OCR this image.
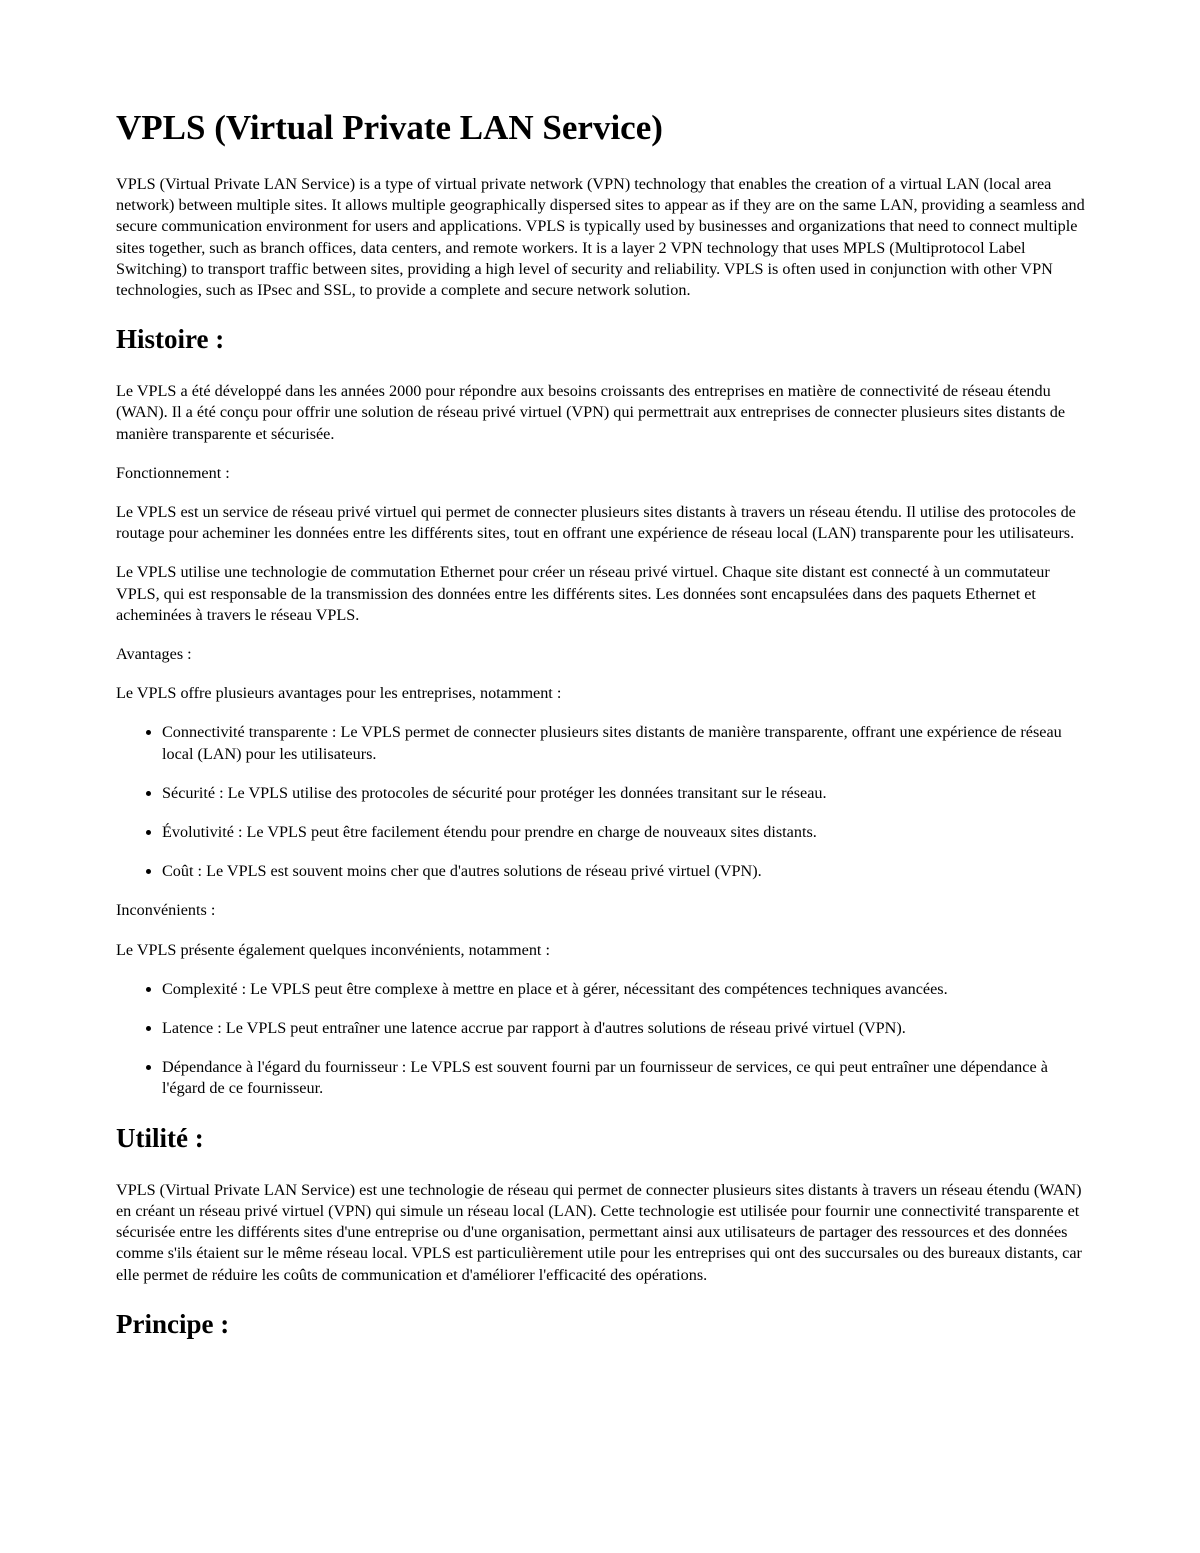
VPLS (Virtual Private LAN Service)

VPLS (Virtual Private LAN Service) is a type of virtual private network (VPN) technology that enables the creation of a virtual LAN (local area network) between multiple sites. It allows multiple geographically dispersed sites to appear as if they are on the same LAN, providing a seamless and secure communication environment for users and applications. VPLS is typically used by businesses and organizations that need to connect multiple sites together, such as branch offices, data centers, and remote workers. It is a layer 2 VPN technology that uses MPLS (Multiprotocol Label Switching) to transport traffic between sites, providing a high level of security and reliability. VPLS is often used in conjunction with other VPN technologies, such as IPsec and SSL, to provide a complete and secure network solution.

Histoire :

Le VPLS a été développé dans les années 2000 pour répondre aux besoins croissants des entreprises en matière de connectivité de réseau étendu (WAN). Il a été conçu pour offrir une solution de réseau privé virtuel (VPN) qui permettrait aux entreprises de connecter plusieurs sites distants de manière transparente et sécurisée.

Fonctionnement :

Le VPLS est un service de réseau privé virtuel qui permet de connecter plusieurs sites distants à travers un réseau étendu. Il utilise des protocoles de routage pour acheminer les données entre les différents sites, tout en offrant une expérience de réseau local (LAN) transparente pour les utilisateurs.

Le VPLS utilise une technologie de commutation Ethernet pour créer un réseau privé virtuel. Chaque site distant est connecté à un commutateur VPLS, qui est responsable de la transmission des données entre les différents sites. Les données sont encapsulées dans des paquets Ethernet et acheminées à travers le réseau VPLS.

Avantages :

Le VPLS offre plusieurs avantages pour les entreprises, notamment :

• Connectivité transparente : Le VPLS permet de connecter plusieurs sites distants de manière transparente, offrant une expérience de réseau local (LAN) pour les utilisateurs.
• Sécurité : Le VPLS utilise des protocoles de sécurité pour protéger les données transitant sur le réseau.
• Évolutivité : Le VPLS peut être facilement étendu pour prendre en charge de nouveaux sites distants.
• Coût : Le VPLS est souvent moins cher que d'autres solutions de réseau privé virtuel (VPN).

Inconvénients :

Le VPLS présente également quelques inconvénients, notamment :

• Complexité : Le VPLS peut être complexe à mettre en place et à gérer, nécessitant des compétences techniques avancées.
• Latence : Le VPLS peut entraîner une latence accrue par rapport à d'autres solutions de réseau privé virtuel (VPN).
• Dépendance à l'égard du fournisseur : Le VPLS est souvent fourni par un fournisseur de services, ce qui peut entraîner une dépendance à l'égard de ce fournisseur.
Utilité :

VPLS (Virtual Private LAN Service) est une technologie de réseau qui permet de connecter plusieurs sites distants à travers un réseau étendu (WAN) en créant un réseau privé virtuel (VPN) qui simule un réseau local (LAN). Cette technologie est utilisée pour fournir une connectivité transparente et sécurisée entre les différents sites d'une entreprise ou d'une organisation, permettant ainsi aux utilisateurs de partager des ressources et des données comme s'ils étaient sur le même réseau local. VPLS est particulièrement utile pour les entreprises qui ont des succursales ou des bureaux distants, car elle permet de réduire les coûts de communication et d'améliorer l'efficacité des opérations.

Principe :
